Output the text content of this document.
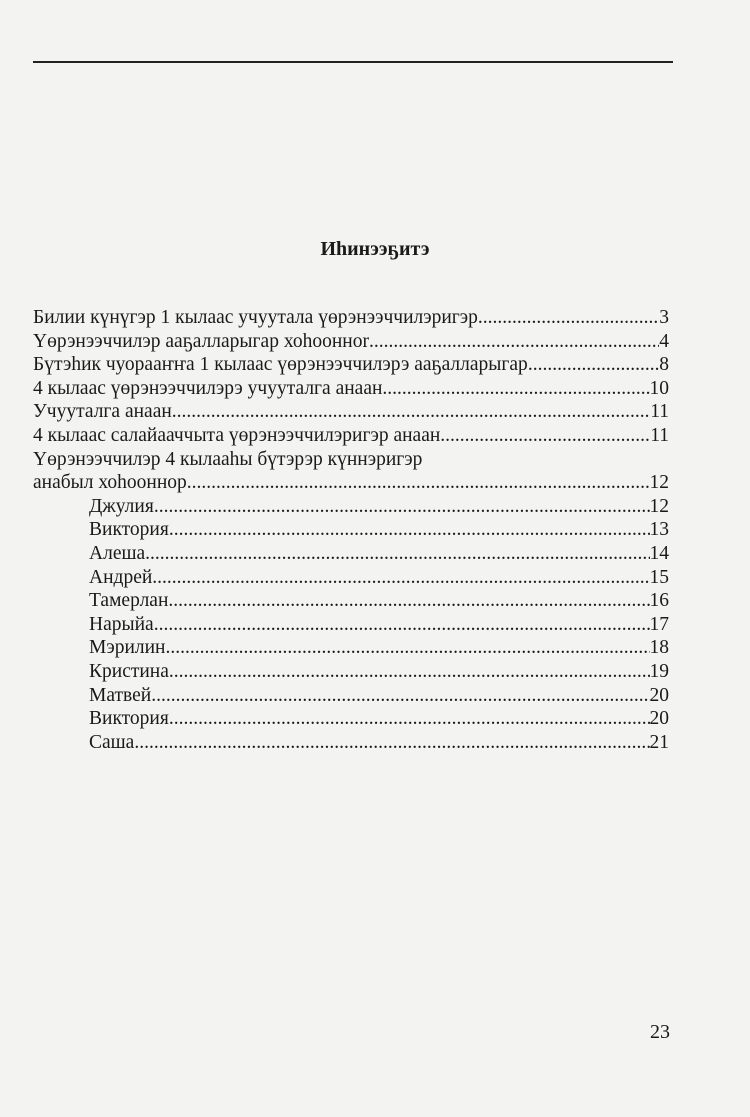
Иһинээҕитэ
Билии күнүгэр 1 кылаас учуутала үөрэнээччилэригэр .....	3
Үөрэнээччилэр ааҕалларыгар хоһоонноr .....	4
Бүтэһик чуорааҥҥа 1 кылаас үөрэнээччилэрэ ааҕалларыгар .....	8
4 кылаас үөрэнээччилэрэ учууталга анаан... .....	10
Учууталга анаан... .....	11
4 кылаас салайааччыта үөрэнээччилэригэр анаан .....	11
Үөрэнээччилэр 4 кылааһы бүтэрэр күннэригэр
анабыл хоһооннор... .....	12
Джулия .....	12
Виктория .....	13
Алеша .....	14
Андрей .....	15
Тамерлан .....	16
Нарыйа .....	17
Мэрилин .....	18
Кристина .....	19
Матвей .....	20
Виктория .....	20
Саша .....	21
23
